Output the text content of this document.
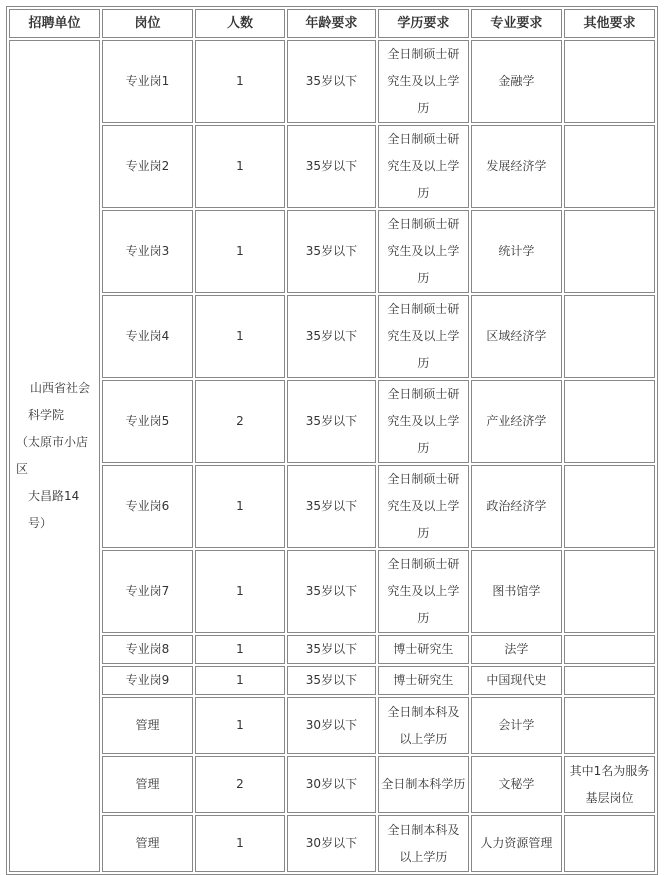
招聘单位	岗位	人数	年龄要求	学历要求	专业要求	其他要求

山西省社会
科学院
（太原市小店区
大昌路14
号）	专业岗1	1	35岁以下	全日制硕士研究生及以上学历	金融学	
	专业岗2	1	35岁以下	全日制硕士研究生及以上学历	发展经济学	
	专业岗3	1	35岁以下	全日制硕士研究生及以上学历	统计学	
	专业岗4	1	35岁以下	全日制硕士研究生及以上学历	区域经济学	
	专业岗5	2	35岁以下	全日制硕士研究生及以上学历	产业经济学	
	专业岗6	1	35岁以下	全日制硕士研究生及以上学历	政治经济学	
	专业岗7	1	35岁以下	全日制硕士研究生及以上学历	图书馆学	
	专业岗8	1	35岁以下	博士研究生	法学	
	专业岗9	1	35岁以下	博士研究生	中国现代史	
	管理	1	30岁以下	全日制本科及以上学历	会计学	
	管理	2	30岁以下	全日制本科学历	文秘学	其中1名为服务基层岗位
	管理	1	30岁以下	全日制本科及以上学历	人力资源管理	
